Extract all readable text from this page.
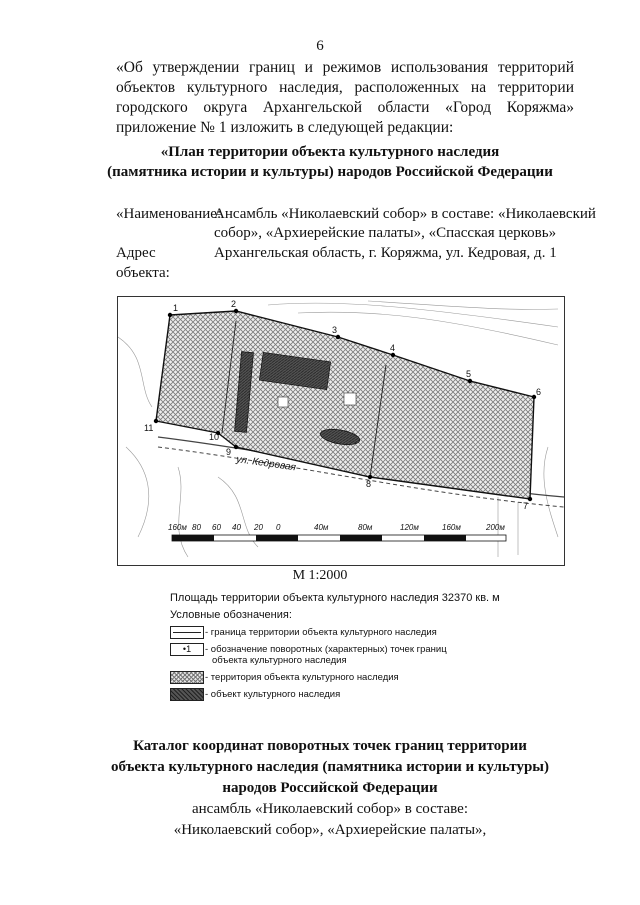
6
«Об утверждении границ и режимов использования территорий объектов культурного наследия, расположенных на территории городского округа Архангельской области «Город Коряжма» приложение № 1 изложить в следующей редакции:
«План территории объекта культурного наследия
(памятника истории и культуры) народов Российской Федерации
«Наименование:
Ансамбль «Николаевский собор» в составе: «Николаевский
собор», «Архиерейские палаты», «Спасская церковь»
Адрес объекта:
Архангельская область, г. Коряжма, ул. Кедровая, д. 1
1	2
3
4
5
6
7
8
9
10
11
ул. Кедровая
160м 80 60 40 20 0	40м	80м	120м	160м	200м
М 1:2000
Площадь территории объекта культурного наследия 32370 кв. м
Условные обозначения:
- граница территории объекта культурного наследия
•1	- обозначение поворотных (характерных) точек границ
объекта культурного наследия
- территория объекта культурного наследия
- объект культурного наследия
Каталог координат поворотных точек границ территории
объекта культурного наследия (памятника истории и культуры)
народов Российской Федерации
ансамбль «Николаевский собор» в составе:
«Николаевский собор», «Архиерейские палаты»,
